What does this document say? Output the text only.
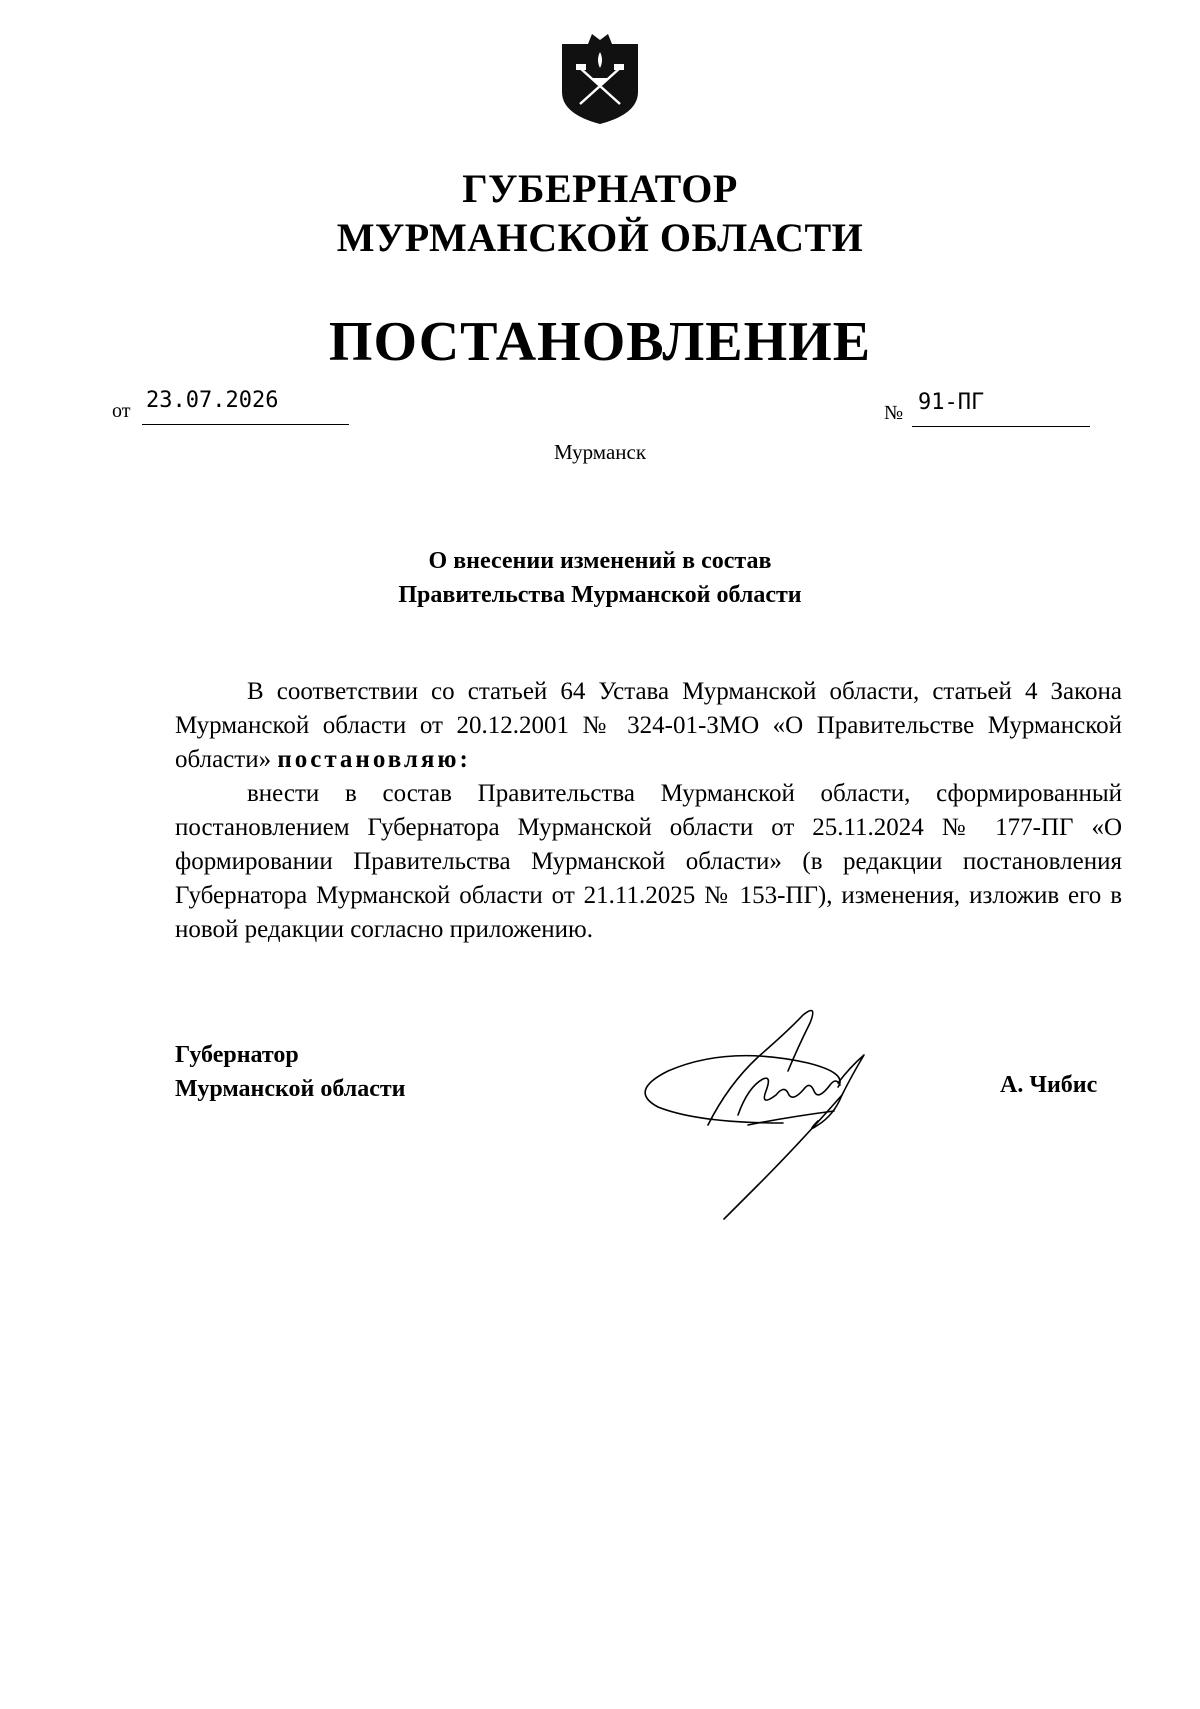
ГУБЕРНАТОР
МУРМАНСКОЙ ОБЛАСТИ
ПОСТАНОВЛЕНИЕ
от 23.07.2026	№ 91-ПГ
Мурманск
О внесении изменений в состав
Правительства Мурманской области

В соответствии со статьей 64 Устава Мурманской области, статьей 4 Закона Мурманской области от 20.12.2001 № 324-01-ЗМО «О Правительстве Мурманской области» постановляю:

внести в состав Правительства Мурманской области, сформированный постановлением Губернатора Мурманской области от 25.11.2024 № 177-ПГ «О формировании Правительства Мурманской области» (в редакции постановления Губернатора Мурманской области от 21.11.2025 № 153-ПГ), изменения, изложив его в новой редакции согласно приложению.

Губернатор
Мурманской области	А. Чибис
